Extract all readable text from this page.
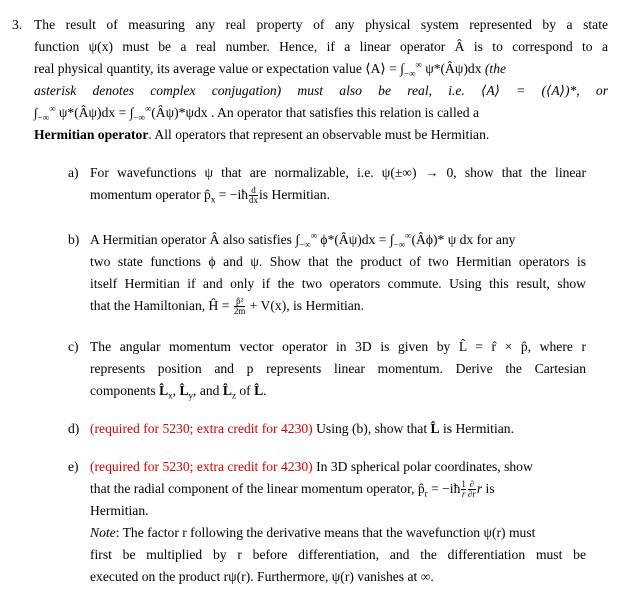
3. The result of measuring any real property of any physical system represented by a state
function ψ(x) must be a real number. Hence, if a linear operator Â is to correspond to a
real physical quantity, its average value or expectation value ⟨A⟩ = $\int_{-\infty}^\infty$ ψ*(Âψ)dx (the
asterisk denotes complex conjugation) must also be real, i.e. ⟨A⟩ = (⟨A⟩)*, or
$\int_{-\infty}^\infty$ ψ*(Âψ)dx = $\int_{-\infty}^\infty(Â\psi)*\psi dx$ . An operator that satisfies this relation is called a
Hermitian operator. All operators that represent an observable must be Hermitian.
a) For wavefunctions ψ that are normalizable, i.e. ψ(±∞) → 0, show that the linear
momentum operator $p̂_x$ = −iħ $\frac{d}{dx}$ is Hermitian.
b) A Hermitian operator Â also satisfies $\int_{-\infty}^\infty$ ϕ*(Âψ)dx = $\int_{-\infty}^\infty(Â\phi)*$ ψ dx for any
two state functions ϕ and ψ. Show that the product of two Hermitian operators is
itself Hermitian if and only if the two operators commute. Using this result, show
that the Hamiltonian, Ĥ = $\frac{\text{p̂²}}{2m} + V(x)$, is Hermitian.
c) The angular momentum vector operator in 3D is given by L̂ = r̂ × p̂, where r
represents position and p represents linear momentum. Derive the Cartesian
components $L̂_x$, $L̂_y$, and $L̂_z$ of L̂.
d) (required for 5230; extra credit for 4230) Using (b), show that L̂ is Hermitian.
e) (required for 5230; extra credit for 4230) In 3D spherical polar coordinates, show
that the radial component of the linear momentum operator, $p̂_r$ = −iħ $\frac{1}{r} \frac{\partial}{\partial r}$ r is
Hermitian.
Note: The factor r following the derivative means that the wavefunction ψ(r) must
first be multiplied by r before differentiation, and the differentiation must be
executed on the product rψ(r). Furthermore, ψ(r) vanishes at ∞.
